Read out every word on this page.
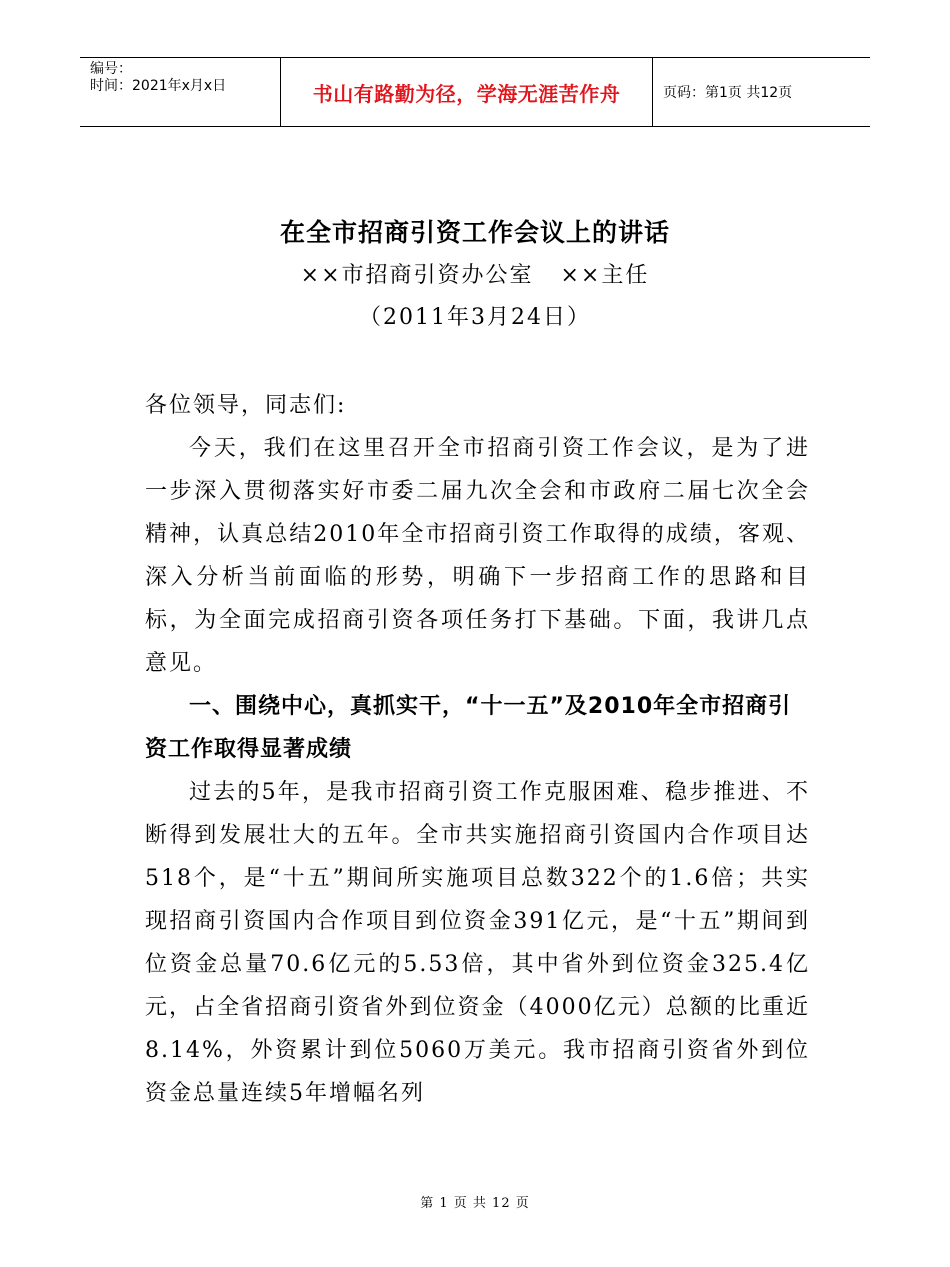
编号：
时间：2021年x月x日	书山有路勤为径，学海无涯苦作舟	页码：第1页 共12页
在全市招商引资工作会议上的讲话
××市招商引资办公室   ××主任
（2011年3月24日）

各位领导，同志们:

今天，我们在这里召开全市招商引资工作会议，是为了进一步深入贯彻落实好市委二届九次全会和市政府二届七次全会精神，认真总结2010年全市招商引资工作取得的成绩，客观、深入分析当前面临的形势，明确下一步招商工作的思路和目标，为全面完成招商引资各项任务打下基础。下面，我讲几点意见。

一、围绕中心，真抓实干，“十一五”及2010年全市招商引资工作取得显著成绩

过去的5年，是我市招商引资工作克服困难、稳步推进、不断得到发展壮大的五年。全市共实施招商引资国内合作项目达518个，是“十五”期间所实施项目总数322个的1.6倍；共实现招商引资国内合作项目到位资金391亿元，是“十五”期间到位资金总量70.6亿元的5.53倍，其中省外到位资金325.4亿元，占全省招商引资省外到位资金（4000亿元）总额的比重近8.14%，外资累计到位5060万美元。我市招商引资省外到位资金总量连续5年增幅名列

第 1 页 共 12 页
